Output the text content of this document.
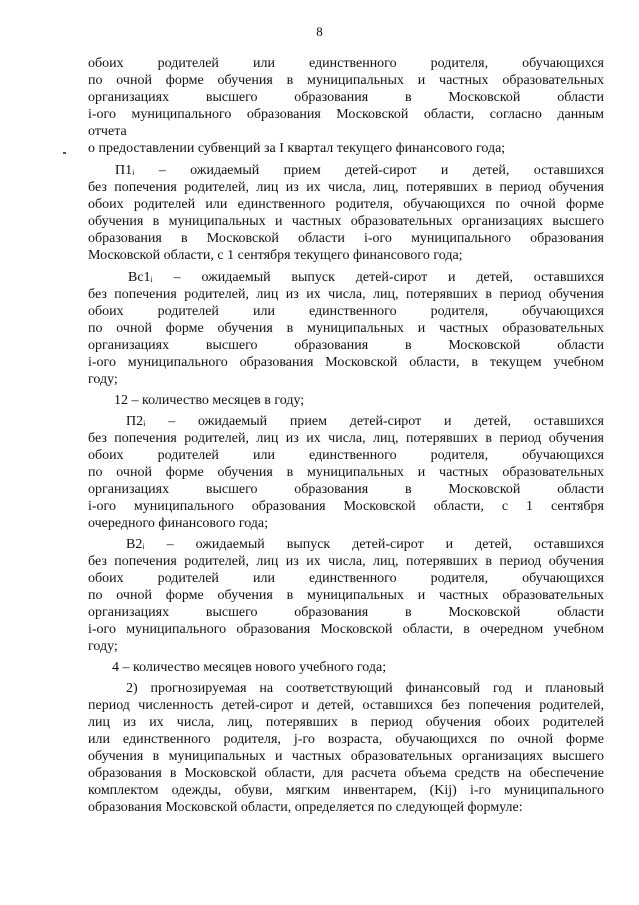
8
обоих родителей или единственного родителя, обучающихся
по очной форме обучения в муниципальных и частных образовательных
организациях высшего образования в Московской области
i-ого муниципального образования Московской области, согласно данным
отчета
о предоставлении субвенций за I квартал текущего финансового года;
П1ᵢ – ожидаемый прием детей-сирот и детей, оставшихся
без попечения родителей, лиц из их числа, лиц, потерявших в период обучения
обоих родителей или единственного родителя, обучающихся по очной форме
обучения в муниципальных и частных образовательных организациях высшего
образования в Московской области i-ого муниципального образования
Московской области, с 1 сентября текущего финансового года;
Вс1ᵢ – ожидаемый выпуск детей-сирот и детей, оставшихся
без попечения родителей, лиц из их числа, лиц, потерявших в период обучения
обоих родителей или единственного родителя, обучающихся
по очной форме обучения в муниципальных и частных образовательных
организациях высшего образования в Московской области
i-ого муниципального образования Московской области, в текущем учебном
году;
12 – количество месяцев в году;
П2ᵢ – ожидаемый прием детей-сирот и детей, оставшихся
без попечения родителей, лиц из их числа, лиц, потерявших в период обучения
обоих родителей или единственного родителя, обучающихся
по очной форме обучения в муниципальных и частных образовательных
организациях высшего образования в Московской области
i-ого муниципального образования Московской области, с 1 сентября
очередного финансового года;
В2ᵢ – ожидаемый выпуск детей-сирот и детей, оставшихся
без попечения родителей, лиц из их числа, лиц, потерявших в период обучения
обоих родителей или единственного родителя, обучающихся
по очной форме обучения в муниципальных и частных образовательных
организациях высшего образования в Московской области
i-ого муниципального образования Московской области, в очередном учебном
году;
4 – количество месяцев нового учебного года;
2) прогнозируемая на соответствующий финансовый год и плановый
период численность детей-сирот и детей, оставшихся без попечения родителей,
лиц из их числа, лиц, потерявших в период обучения обоих родителей
или единственного родителя, j-го возраста, обучающихся по очной форме
обучения в муниципальных и частных образовательных организациях высшего
образования в Московской области, для расчета объема средств на обеспечение
комплектом одежды, обуви, мягким инвентарем, (Kij) i-го муниципального
образования Московской области, определяется по следующей формуле:
